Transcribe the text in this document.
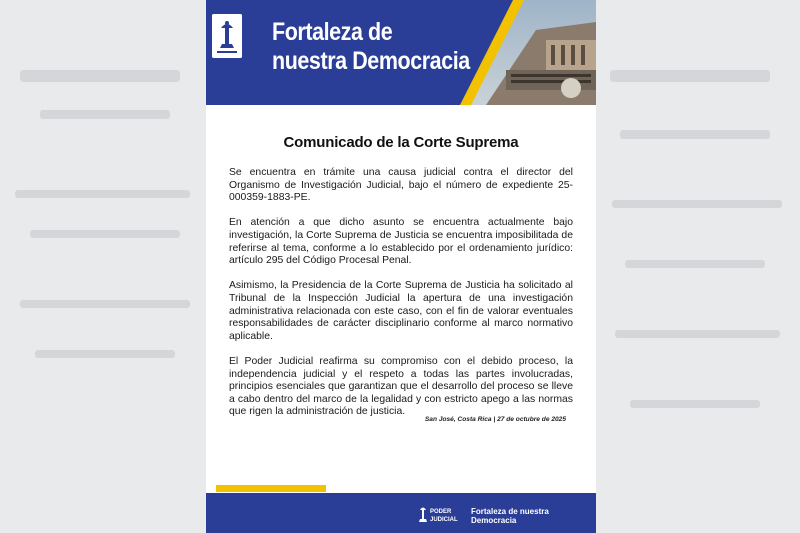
Fortaleza de nuestra Democracia
Comunicado de la Corte Suprema

Se encuentra en trámite una causa judicial contra el director del Organismo de Investigación Judicial, bajo el número de expediente 25-000359-1883-PE.

En atención a que dicho asunto se encuentra actualmente bajo investigación, la Corte Suprema de Justicia se encuentra imposibilitada de referirse al tema, conforme a lo establecido por el ordenamiento jurídico: artículo 295 del Código Procesal Penal.

Asimismo, la Presidencia de la Corte Suprema de Justicia ha solicitado al Tribunal de la Inspección Judicial la apertura de una investigación administrativa relacionada con este caso, con el fin de valorar eventuales responsabilidades de carácter disciplinario conforme al marco normativo aplicable.

El Poder Judicial reafirma su compromiso con el debido proceso, la independencia judicial y el respeto a todas las partes involucradas, principios esenciales que garantizan que el desarrollo del proceso se lleve a cabo dentro del marco de la legalidad y con estricto apego a las normas que rigen la administración de justicia.

San José, Costa Rica | 27 de octubre de 2025
PODER
JUDICIAL
Fortaleza de nuestra Democracia
